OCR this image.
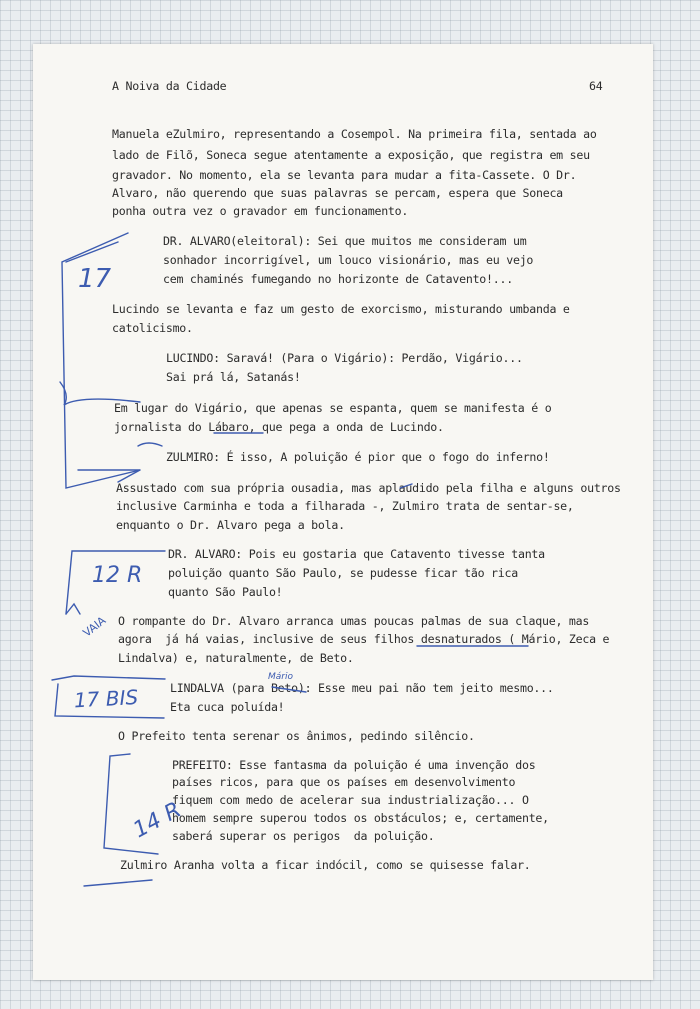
A Noiva da Cidade	64
Manuela eZulmiro, representando a Cosempol. Na primeira fila, sentada ao
lado de Filõ, Soneca segue atentamente a exposição, que registra em seu
gravador. No momento, ela se levanta para mudar a fita-Cassete. O Dr.
Alvaro, não querendo que suas palavras se percam, espera que Soneca
ponha outra vez o gravador em funcionamento.
DR. ALVARO(eleitoral): Sei que muitos me consideram um
sonhador incorrigível, um louco visionário, mas eu vejo
cem chaminés fumegando no horizonte de Catavento!...
Lucindo se levanta e faz um gesto de exorcismo, misturando umbanda e
catolicismo.
LUCINDO: Saravá! (Para o Vigário): Perdão, Vigário...
Sai prá lá, Satanás!
Em lugar do Vigário, que apenas se espanta, quem se manifesta é o
jornalista do Lábaro, que pega a onda de Lucindo.
ZULMIRO: É isso, A poluição é pior que o fogo do inferno!
Assustado com sua própria ousadia, mas aplaudido pela filha e alguns outros
inclusive Carminha e toda a filharada -, Zulmiro trata de sentar-se,
enquanto o Dr. Alvaro pega a bola.
DR. ALVARO: Pois eu gostaria que Catavento tivesse tanta
poluição quanto São Paulo, se pudesse ficar tão rica
quanto São Paulo!
O rompante do Dr. Alvaro arranca umas poucas palmas de sua claque, mas
agora  já há vaias, inclusive de seus filhos desnaturados ( Mário, Zeca e
Lindalva) e, naturalmente, de Beto.
LINDALVA (para Beto): Esse meu pai não tem jeito mesmo...
Eta cuca poluída!
O Prefeito tenta serenar os ânimos, pedindo silêncio.
PREFEITO: Esse fantasma da poluição é uma invenção dos
países ricos, para que os países em desenvolvimento
fiquem com medo de acelerar sua industrialização... O
homem sempre superou todos os obstáculos; e, certamente,
saberá superar os perigos  da poluição.
Zulmiro Aranha volta a ficar indócil, como se quisesse falar.
17
12 R
VAIA
17 BIS
Mário
14 R
